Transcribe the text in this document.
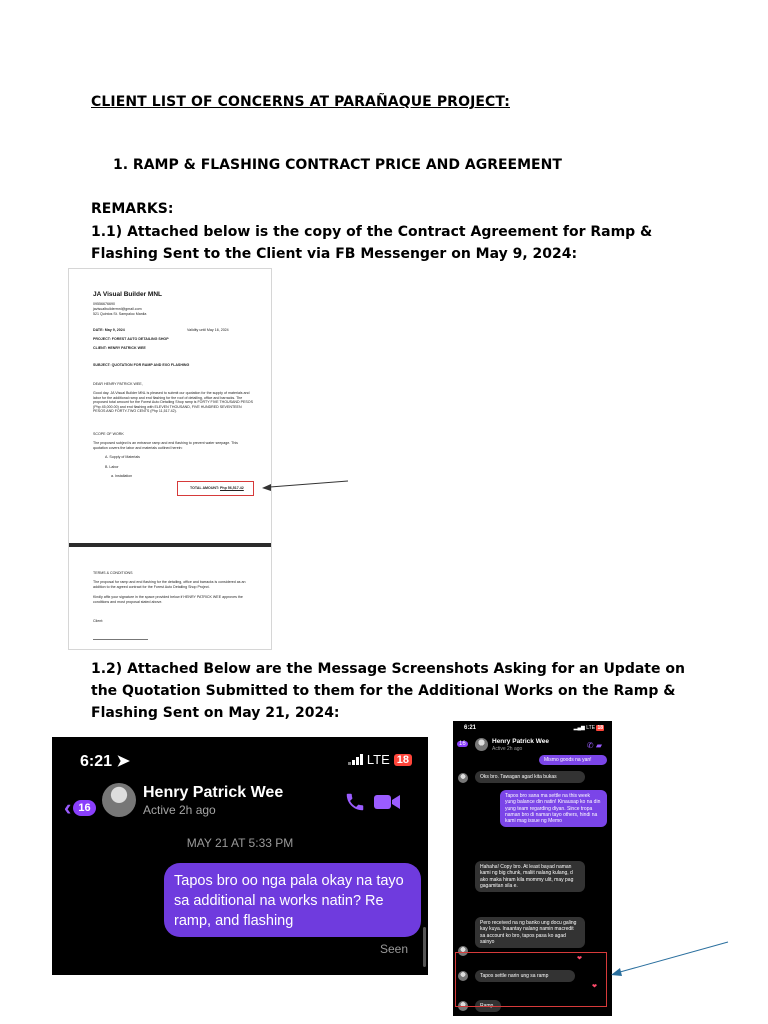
CLIENT LIST OF CONCERNS AT PARAÑAQUE PROJECT:
1. RAMP & FLASHING CONTRACT PRICE AND AGREEMENT
REMARKS:
1.1) Attached below is the copy of the Contract Agreement for Ramp & Flashing Sent to the Client via FB Messenger on May 9, 2024:
1.2) Attached Below are the Message Screenshots Asking for an Update on the Quotation Submitted to them for the Additional Works on the Ramp & Flashing Sent on May 21, 2024:
JA Visual Builder MNL
09556676690
javisualbuildermnl@gmail.com
521 Quintos St. Sampaloc Manila
DATE: May 9, 2024	Validity until May 16, 2024
PROJECT: FOREST AUTO DETAILING SHOP
CLIENT: HENRY PATRICK WEE
SUBJECT: QUOTATION FOR RAMP AND EXO FLASHING
DEAR HENRY PATRICK WEE,
Good day. JA Visual Builder MNL is pleased to submit our quotation for the supply of materials and labor for the additional ramp and end flashing for the roof of detailing, office and barracks. The proposed total amount for the Forest Auto Detailing Shop ramp is FORTY FIVE THOUSAND PESOS (Php 45,000.00) and end flashing with ELEVEN THOUSAND, FIVE HUNDRED SEVENTEEN PESOS AND FORTY-TWO CENTS (Php 11,517.42).
SCOPE OF WORK
The proposed subject is an entrance ramp and end flashing to prevent water seepage. This quotation covers the labor and materials outlined herein:
A. Supply of Materials
B. Labor
a. Installation
TOTAL AMOUNT: Php 56,517.42
TERMS & CONDITIONS
The proposal for ramp and end flashing for the detailing, office and barracks is considered as an addition to the agreed contract for the Forest Auto Detailing Shop Project.
Kindly affix your signature in the space provided below if HENRY PATRICK WEE approves the conditions and most proposal stated above.
Client:
6:21 ➤	LTE 18
‹ 16
Henry Patrick Wee
Active 2h ago
MAY 21 AT 5:33 PM
Tapos bro oo nga pala okay na tayo sa additional na works natin? Re ramp, and flashing
Seen
6:21	▂▄▆ LTE 18
16	Henry Patrick Wee
Active 2h ago	✆ ▰
Mismo goods na yan!
Oks bro. Tawagan agad kita bukas
Tapos bro sana ma settle na this week yung balance din natin! Kinausap ko na din yung team regarding diyan. Since tropa naman bro di naman tayo others, hindi na kami mag issue ng Memo
Hahaha! Copy bro. At least bayad naman kami ng big chunk, maliit nalang kulang, d ako maka hiram kila mommy ulit, may pag gagamitan sila e.
Pero received na ng banko ung docu galing kay kuya. Inaantay nalang namin macredit sa account ko bro, tapos pasa ko agad sainyo
❤
Tapos settle narin ung sa ramp
❤
Ramp
